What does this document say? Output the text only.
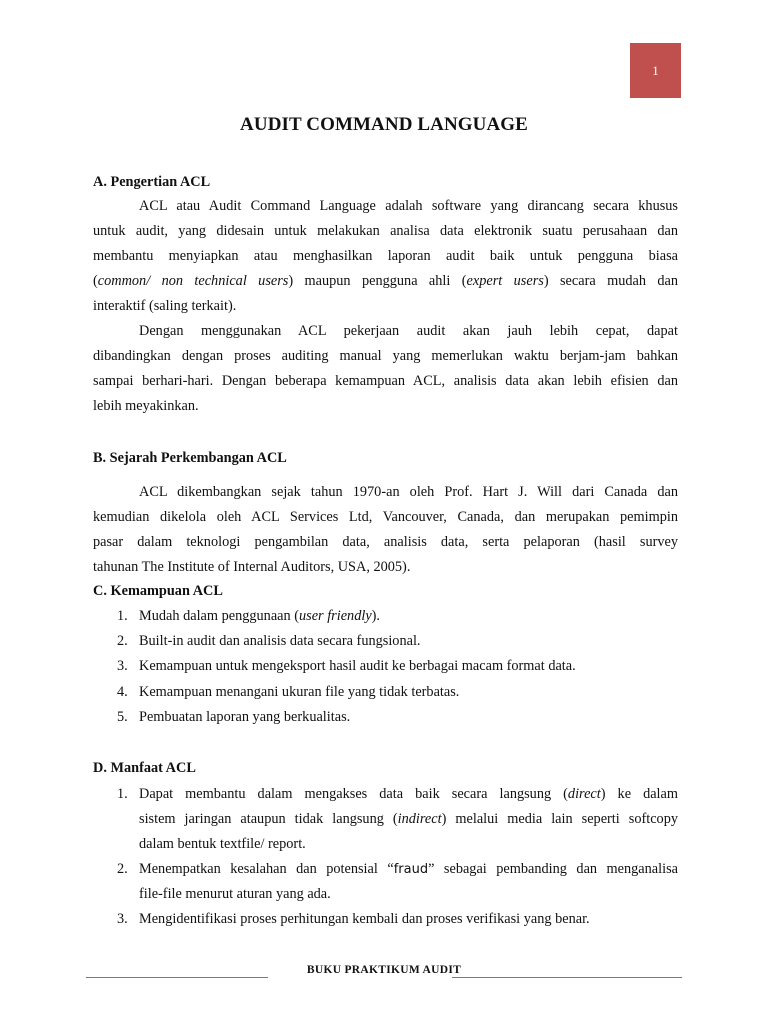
1
AUDIT COMMAND LANGUAGE
A. Pengertian ACL
ACL atau Audit Command Language adalah software yang dirancang secara khusus
untuk audit, yang didesain untuk melakukan analisa data elektronik suatu perusahaan dan
membantu menyiapkan atau menghasilkan laporan audit baik untuk pengguna biasa
(common/ non technical users) maupun pengguna ahli (expert users) secara mudah dan
interaktif (saling terkait).
Dengan menggunakan ACL pekerjaan audit akan jauh lebih cepat, dapat
dibandingkan dengan proses auditing manual yang memerlukan waktu berjam-jam bahkan
sampai berhari-hari. Dengan beberapa kemampuan ACL, analisis data akan lebih efisien dan
lebih meyakinkan.
B. Sejarah Perkembangan ACL
ACL dikembangkan sejak tahun 1970-an oleh Prof. Hart J. Will dari Canada dan
kemudian dikelola oleh ACL Services Ltd, Vancouver, Canada, dan merupakan pemimpin
pasar dalam teknologi pengambilan data, analisis data, serta pelaporan (hasil survey
tahunan The Institute of Internal Auditors, USA, 2005).
C. Kemampuan ACL
1. Mudah dalam penggunaan (user friendly).
2. Built-in audit dan analisis data secara fungsional.
3. Kemampuan untuk mengeksport hasil audit ke berbagai macam format data.
4. Kemampuan menangani ukuran file yang tidak terbatas.
5. Pembuatan laporan yang berkualitas.
D. Manfaat ACL
1. Dapat membantu dalam mengakses data baik secara langsung (direct) ke dalam
sistem jaringan ataupun tidak langsung (indirect) melalui media lain seperti softcopy
dalam bentuk textfile/ report.
2. Menempatkan kesalahan dan potensial “fraud” sebagai pembanding dan menganalisa
file-file menurut aturan yang ada.
3. Mengidentifikasi proses perhitungan kembali dan proses verifikasi yang benar.
BUKU PRAKTIKUM AUDIT
